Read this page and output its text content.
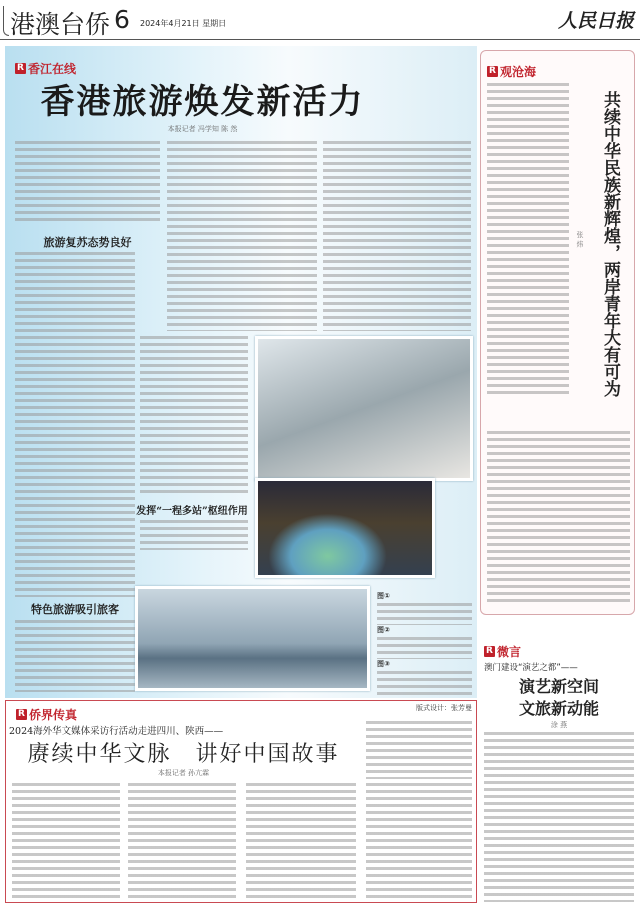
港澳台侨 6 2024年4月21日 星期日	人民日报
R 香江在线
香港旅游焕发新活力
本报记者 冯学知 陈 然
旅游复苏态势良好
特色旅游吸引旅客
发挥“一程多站”枢纽作用
图①
图②
图③
版式设计：张芳曼
R 观沧海
共续中华民族新辉煌，两岸青年大有可为
张 炜
R 微言
澳门建设“演艺之都”——
演艺新空间
文旅新动能
涂 燕
R 侨界传真
2024海外华文媒体采访行活动走进四川、陕西——
赓续中华文脉　讲好中国故事
本报记者 孙亢霖
